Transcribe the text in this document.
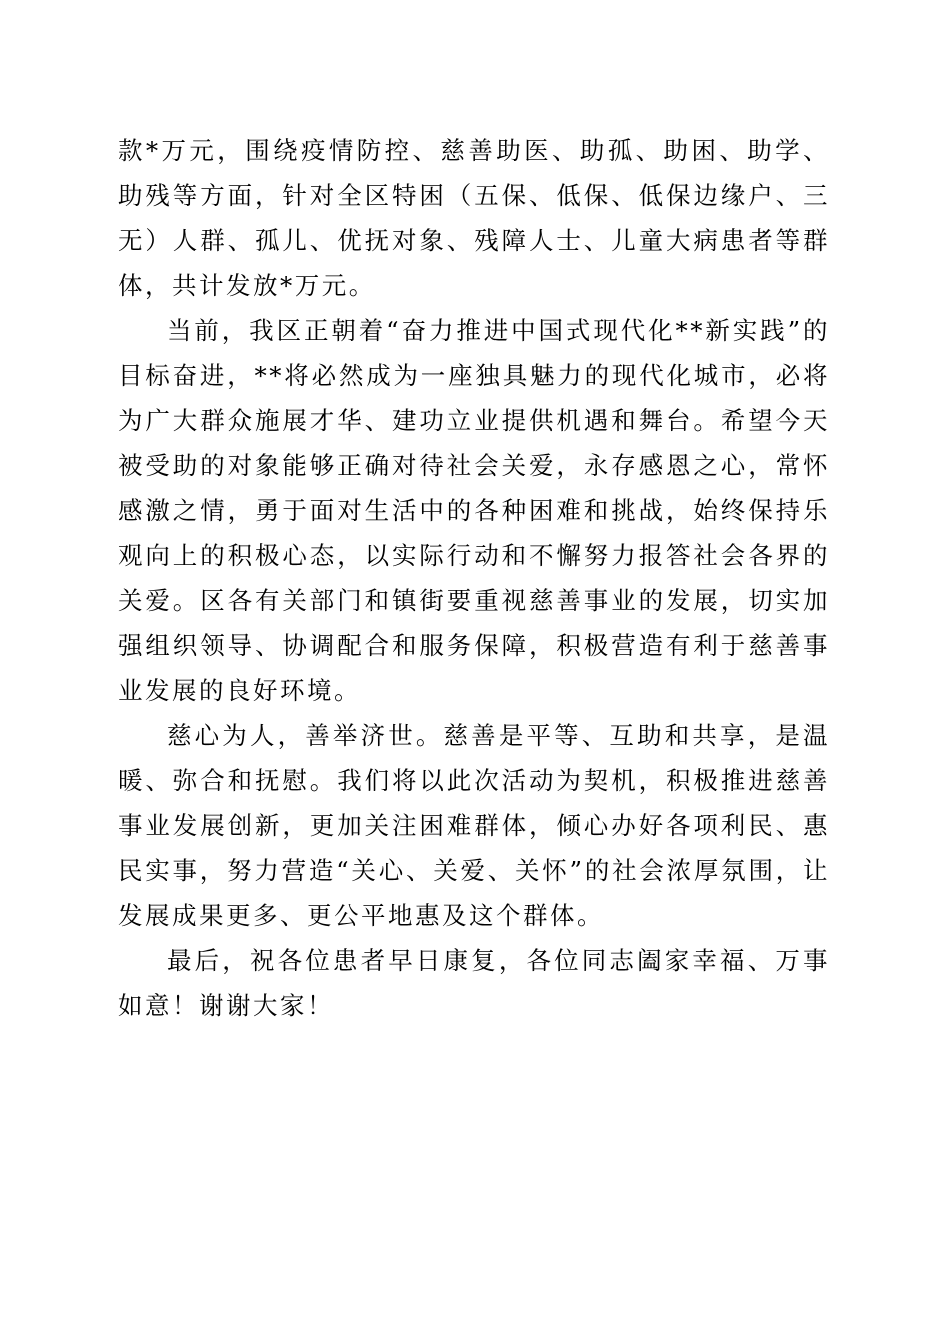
款*万元，围绕疫情防控、慈善助医、助孤、助困、助学、助残等方面，针对全区特困（五保、低保、低保边缘户、三无）人群、孤儿、优抚对象、残障人士、儿童大病患者等群体，共计发放*万元。

当前，我区正朝着“奋力推进中国式现代化**新实践”的目标奋进，**将必然成为一座独具魅力的现代化城市，必将为广大群众施展才华、建功立业提供机遇和舞台。希望今天被受助的对象能够正确对待社会关爱，永存感恩之心，常怀感激之情，勇于面对生活中的各种困难和挑战，始终保持乐观向上的积极心态，以实际行动和不懈努力报答社会各界的关爱。区各有关部门和镇街要重视慈善事业的发展，切实加强组织领导、协调配合和服务保障，积极营造有利于慈善事业发展的良好环境。

慈心为人，善举济世。慈善是平等、互助和共享，是温暖、弥合和抚慰。我们将以此次活动为契机，积极推进慈善事业发展创新，更加关注困难群体，倾心办好各项利民、惠民实事，努力营造“关心、关爱、关怀”的社会浓厚氛围，让发展成果更多、更公平地惠及这个群体。

最后，祝各位患者早日康复，各位同志阖家幸福、万事如意！谢谢大家！
